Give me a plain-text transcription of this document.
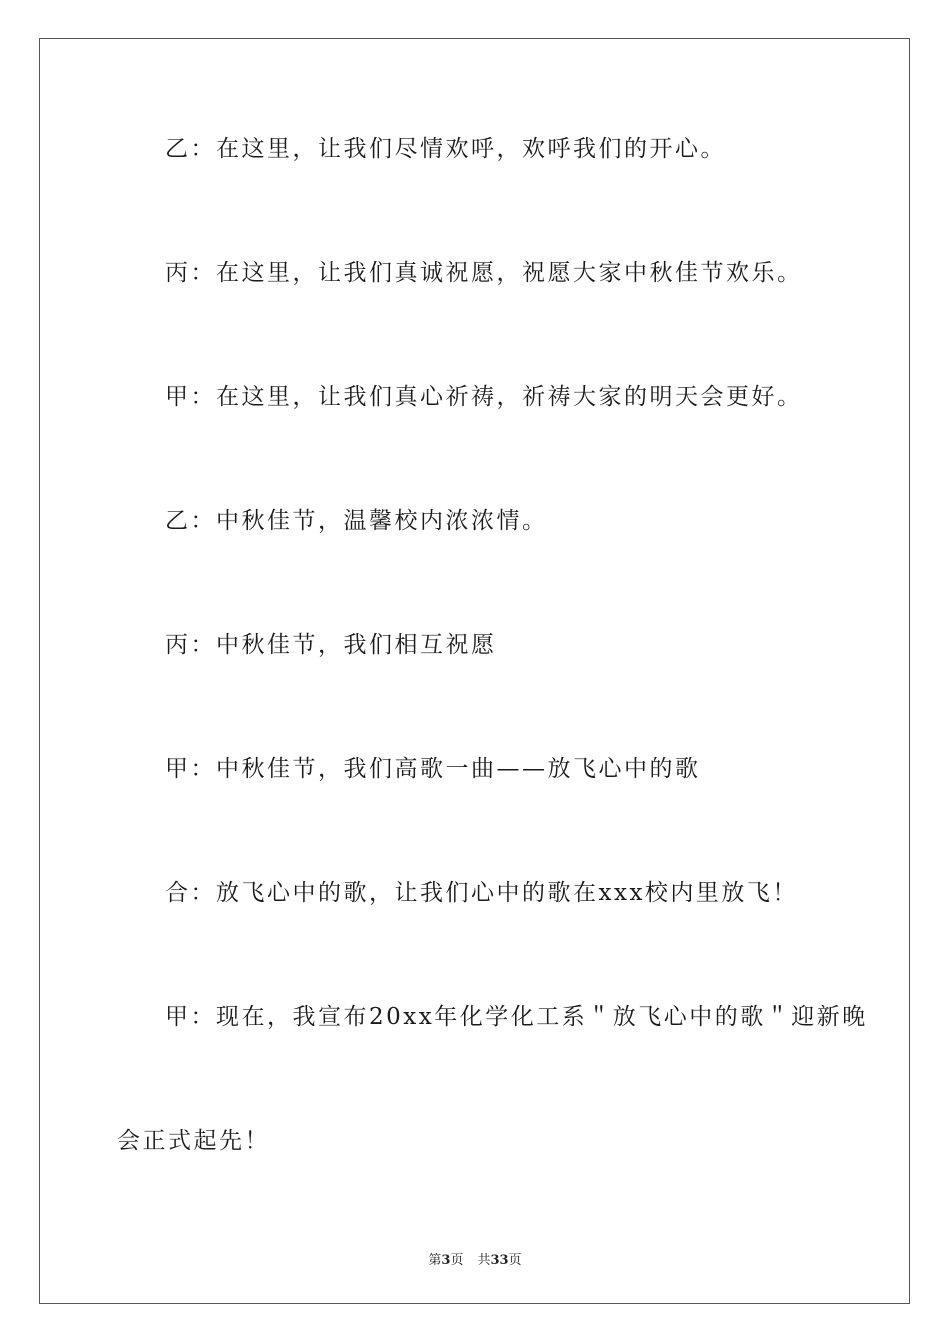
乙：在这里，让我们尽情欢呼，欢呼我们的开心。
丙：在这里，让我们真诚祝愿，祝愿大家中秋佳节欢乐。
甲：在这里，让我们真心祈祷，祈祷大家的明天会更好。
乙：中秋佳节，温馨校内浓浓情。
丙：中秋佳节，我们相互祝愿
甲：中秋佳节，我们高歌一曲——放飞心中的歌
合：放飞心中的歌，让我们心中的歌在xxx校内里放飞！
甲：现在，我宣布20xx年化学化工系＂放飞心中的歌＂迎新晚
会正式起先！
第3页 共33页
